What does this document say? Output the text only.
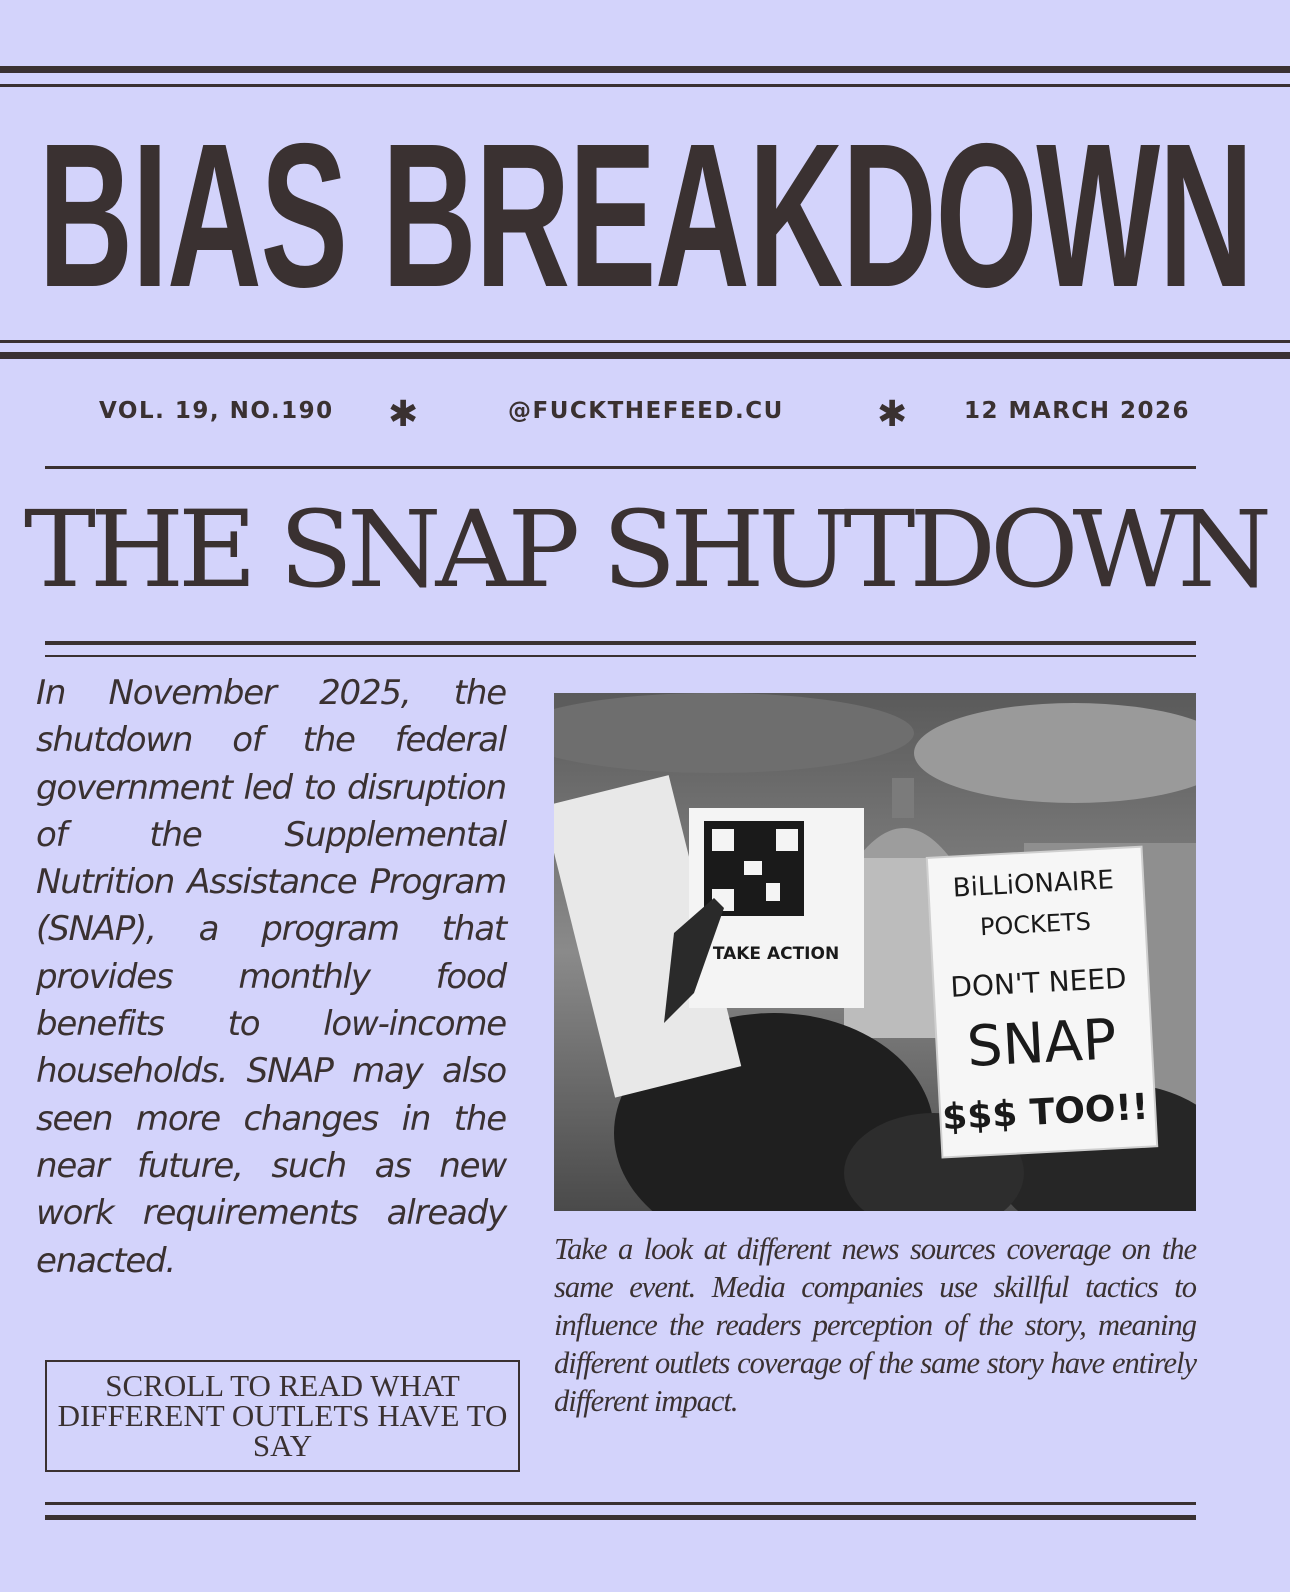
BIAS BREAKDOWN
VOL. 19, NO.190 ✱	@FUCKTHEFEED.CU	✱ 12 MARCH 2026
THE SNAP SHUTDOWN

In November 2025, the shutdown of the federal government led to disruption of the Supplemental Nutrition Assistance Program (SNAP), a program that provides monthly food benefits to low-income households. SNAP may also seen more changes in the near future, such as new work requirements already enacted.

SCROLL TO READ WHAT DIFFERENT OUTLETS HAVE TO SAY
TAKE ACTION
BiLLiONAIRE
POCKETS
DON'T NEED
SNAP
$$$ TOO!!

Take a look at different news sources coverage on the same event. Media companies use skillful tactics to influence the readers perception of the story, meaning different outlets coverage of the same story have entirely different impact.
